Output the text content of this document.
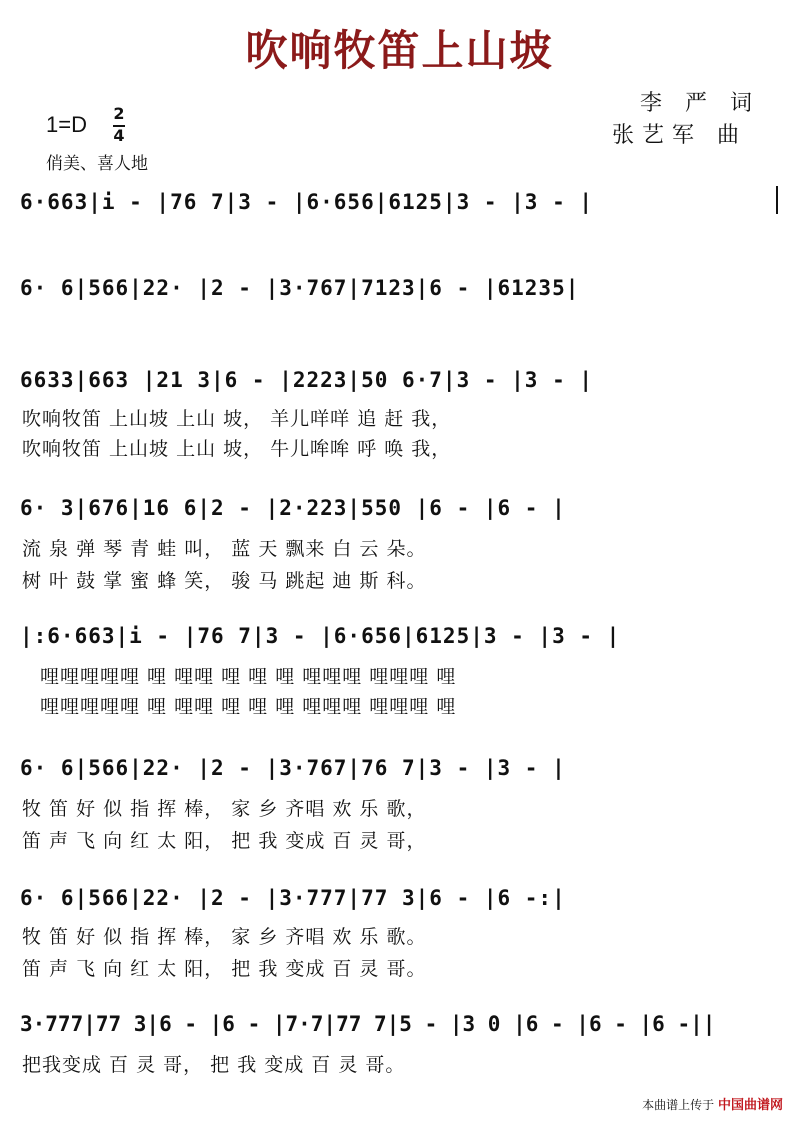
吹响牧笛上山坡
李 严 词
张艺军 曲
1=D 2
4
俏美、喜人地
6·663|i - |76 7|3 - |6·656|6125|3 - |3 - |
6· 6|566|22· |2 - |3·767|7123|6 - |61235|
6633|663 |21 3|6 - |2223|50 6·7|3 - |3 - |
吹响牧笛 上山坡 上山 坡， 羊儿咩咩 追 赶 我，
吹响牧笛 上山坡 上山 坡， 牛儿哞哞 呼 唤 我，
6· 3|676|16 6|2 - |2·223|550 |6 - |6 - |
流 泉 弹 琴 青 蛙 叫， 蓝 天 飘来 白 云 朵。
树 叶 鼓 掌 蜜 蜂 笑， 骏 马 跳起 迪 斯 科。
|:6·663|i - |76 7|3 - |6·656|6125|3 - |3 - |
哩哩哩哩哩 哩 哩哩 哩 哩 哩 哩哩哩 哩哩哩 哩
哩哩哩哩哩 哩 哩哩 哩 哩 哩 哩哩哩 哩哩哩 哩
6· 6|566|22· |2 - |3·767|76 7|3 - |3 - |
牧 笛 好 似 指 挥 棒， 家 乡 齐唱 欢 乐 歌，
笛 声 飞 向 红 太 阳， 把 我 变成 百 灵 哥，
6· 6|566|22· |2 - |3·777|77 3|6 - |6 -:|
牧 笛 好 似 指 挥 棒， 家 乡 齐唱 欢 乐 歌。
笛 声 飞 向 红 太 阳， 把 我 变成 百 灵 哥。
3·777|77 3|6 - |6 - |7·7|77 7|5 - |3 0 |6 - |6 - |6 -||
把我变成 百 灵 哥， 把 我 变成 百 灵 哥。
本曲谱上传于 中国曲谱网
